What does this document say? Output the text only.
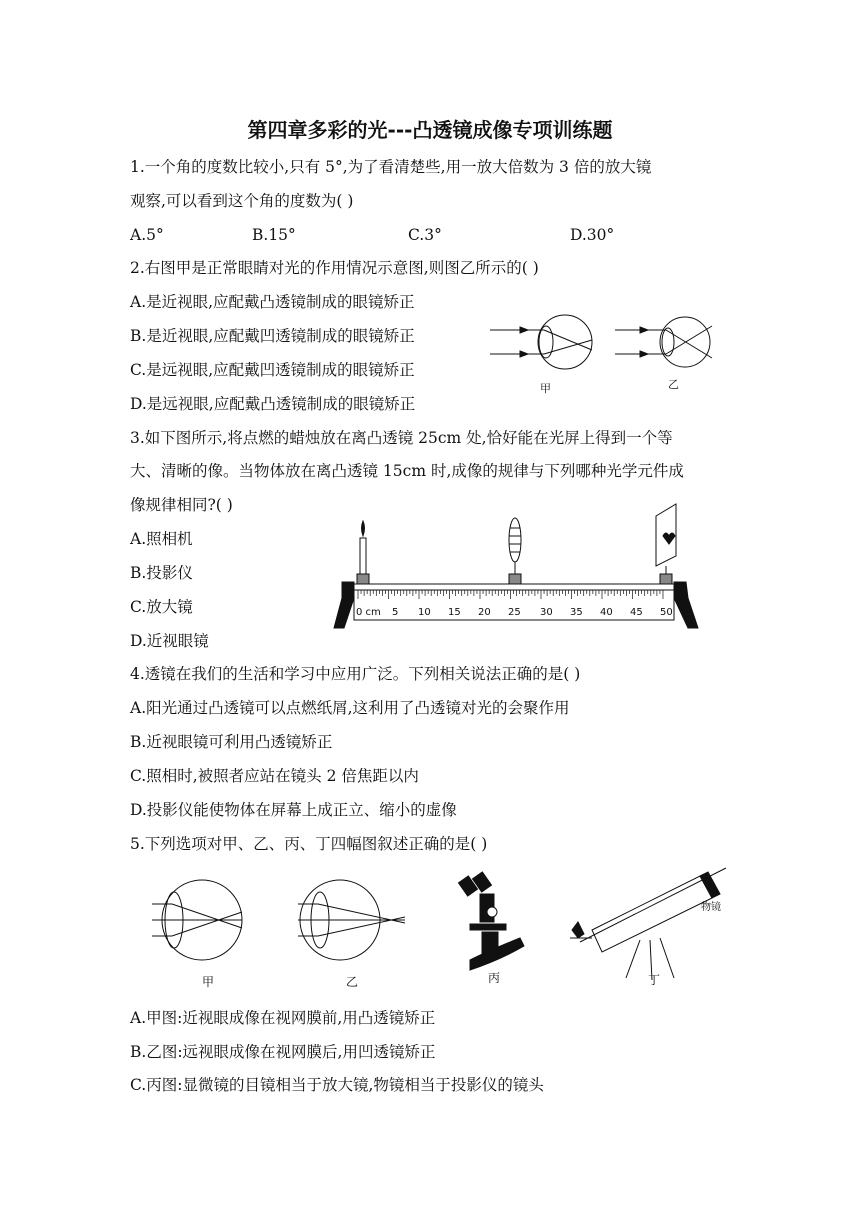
第四章多彩的光---凸透镜成像专项训练题
1.一个角的度数比较小,只有 5°,为了看清楚些,用一放大倍数为 3 倍的放大镜
观察,可以看到这个角的度数为( )
A.5°	B.15°	C.3°	D.30°
2.右图甲是正常眼睛对光的作用情况示意图,则图乙所示的( )
A.是近视眼,应配戴凸透镜制成的眼镜矫正
B.是近视眼,应配戴凹透镜制成的眼镜矫正
C.是远视眼,应配戴凹透镜制成的眼镜矫正
D.是远视眼,应配戴凸透镜制成的眼镜矫正
甲	乙
3.如下图所示,将点燃的蜡烛放在离凸透镜 25cm 处,恰好能在光屏上得到一个等
大、清晰的像。当物体放在离凸透镜 15cm 时,成像的规律与下列哪种光学元件成
像规律相同?( )
A.照相机
B.投影仪
C.放大镜
D.近视眼镜
0 cm 5 10 15 20 25 30 35 40 45 50
4.透镜在我们的生活和学习中应用广泛。下列相关说法正确的是( )
A.阳光通过凸透镜可以点燃纸屑,这利用了凸透镜对光的会聚作用
B.近视眼镜可利用凸透镜矫正
C.照相时,被照者应站在镜头 2 倍焦距以内
D.投影仪能使物体在屏幕上成正立、缩小的虚像
5.下列选项对甲、乙、丙、丁四幅图叙述正确的是( )
物镜
甲	乙	丙	丁
A.甲图:近视眼成像在视网膜前,用凸透镜矫正
B.乙图:远视眼成像在视网膜后,用凹透镜矫正
C.丙图:显微镜的目镜相当于放大镜,物镜相当于投影仪的镜头
